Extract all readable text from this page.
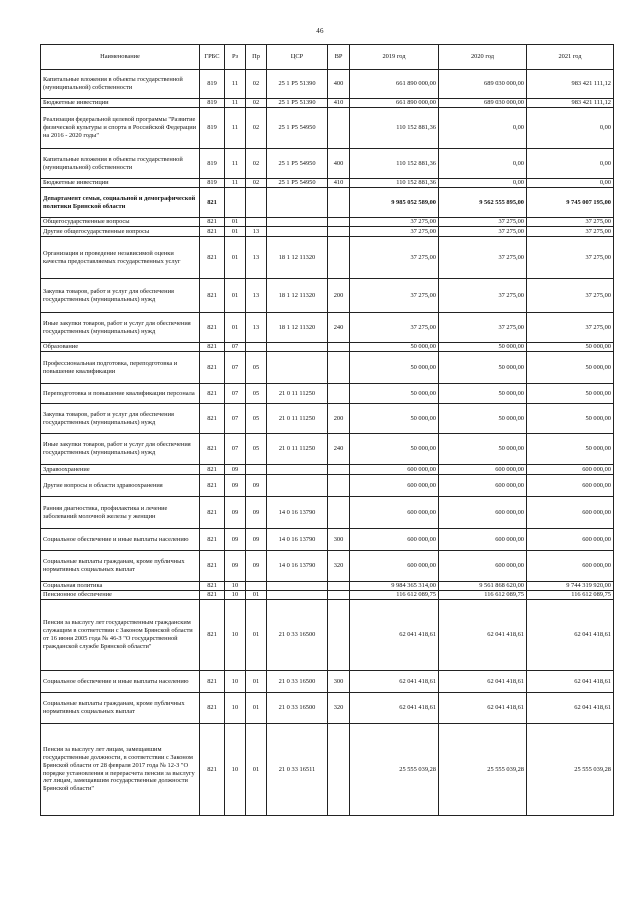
46
Наименование	ГРБС	Рз	Пр	ЦСР	ВР	2019 год	2020 год	2021 год
Капитальные вложения в объекты государственной (муниципальной) собственности	819	11	02	25 1 Р5 51390	400	661 890 000,00	689 030 000,00	983 421 111,12
Бюджетные инвестиции	819	11	02	25 1 Р5 51390	410	661 890 000,00	689 030 000,00	983 421 111,12
Реализация федеральной целевой программы "Развитие физической культуры и спорта в Российской Федерации на 2016 - 2020 годы"	819	11	02	25 1 Р5 54950		110 152 881,36	0,00	0,00
Капитальные вложения в объекты государственной (муниципальной) собственности	819	11	02	25 1 Р5 54950	400	110 152 881,36	0,00	0,00
Бюджетные инвестиции	819	11	02	25 1 Р5 54950	410	110 152 881,36	0,00	0,00
Департамент семьи, социальной и демографической политики Брянской области	821					9 985 052 589,00	9 562 555 895,00	9 745 007 195,00
Общегосударственные вопросы	821	01				37 275,00	37 275,00	37 275,00
Другие общегосударственные вопросы	821	01	13			37 275,00	37 275,00	37 275,00
Организация и проведение независимой оценки качества предоставляемых государственных услуг	821	01	13	18 1 12 11320		37 275,00	37 275,00	37 275,00
Закупка товаров, работ и услуг для обеспечения государственных (муниципальных) нужд	821	01	13	18 1 12 11320	200	37 275,00	37 275,00	37 275,00
Иные закупки товаров, работ и услуг для обеспечения государственных (муниципальных) нужд	821	01	13	18 1 12 11320	240	37 275,00	37 275,00	37 275,00
Образование	821	07				50 000,00	50 000,00	50 000,00
Профессиональная подготовка, переподготовка и повышение квалификации	821	07	05			50 000,00	50 000,00	50 000,00
Переподготовка и повышение квалификации персонала	821	07	05	21 0 11 11250		50 000,00	50 000,00	50 000,00
Закупка товаров, работ и услуг для обеспечения государственных (муниципальных) нужд	821	07	05	21 0 11 11250	200	50 000,00	50 000,00	50 000,00
Иные закупки товаров, работ и услуг для обеспечения государственных (муниципальных) нужд	821	07	05	21 0 11 11250	240	50 000,00	50 000,00	50 000,00
Здравоохранение	821	09				600 000,00	600 000,00	600 000,00
Другие вопросы в области здравоохранения	821	09	09			600 000,00	600 000,00	600 000,00
Ранняя диагностика, профилактика и лечение заболеваний молочной железы у женщин	821	09	09	14 0 16 13790		600 000,00	600 000,00	600 000,00
Социальное обеспечение и иные выплаты населению	821	09	09	14 0 16 13790	300	600 000,00	600 000,00	600 000,00
Социальные выплаты гражданам, кроме публичных нормативных социальных выплат	821	09	09	14 0 16 13790	320	600 000,00	600 000,00	600 000,00
Социальная политика	821	10				9 984 365 314,00	9 561 868 620,00	9 744 319 920,00
Пенсионное обеспечение	821	10	01			116 612 089,75	116 612 089,75	116 612 089,75
Пенсия за выслугу лет государственным гражданским служащим в соответствии с Законом Брянской области от 16 июня 2005 года № 46-З "О государственной гражданской службе Брянской области"	821	10	01	21 0 33 16500		62 041 418,61	62 041 418,61	62 041 418,61
Социальное обеспечение и иные выплаты населению	821	10	01	21 0 33 16500	300	62 041 418,61	62 041 418,61	62 041 418,61
Социальные выплаты гражданам, кроме публичных нормативных социальных выплат	821	10	01	21 0 33 16500	320	62 041 418,61	62 041 418,61	62 041 418,61
Пенсия за выслугу лет лицам, замещавшим государственные должности, в соответствии с Законом Брянской области от 28 февраля 2017 года № 12-З "О порядке установления и перерасчета пенсии за выслугу лет лицам, замещавшим государственные должности Брянской области"	821	10	01	21 0 33 16511		25 555 039,28	25 555 039,28	25 555 039,28
